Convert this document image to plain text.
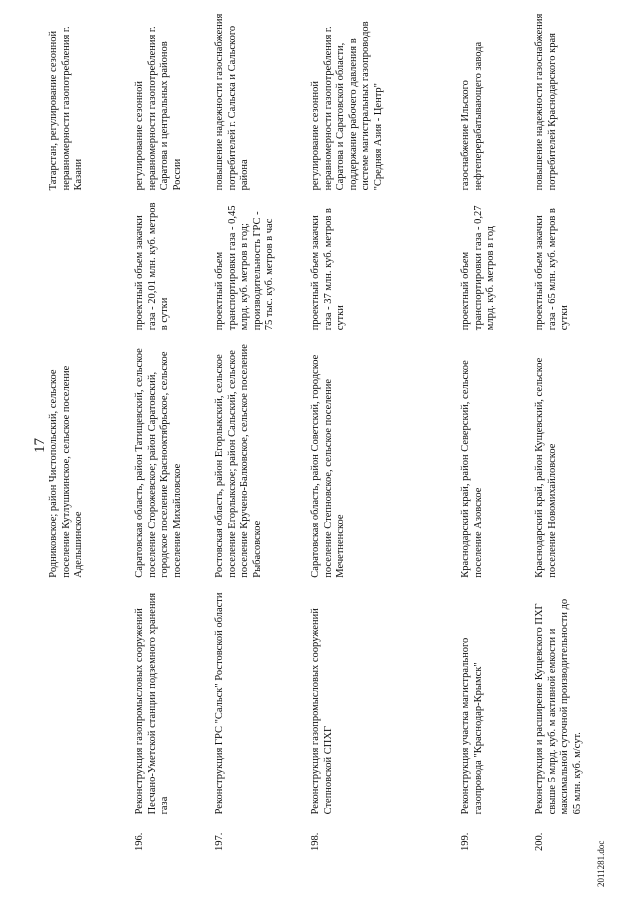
17
		Родниковское; район Чистопольский, сельское поселение Кутлушкинское, сельское поселение Адельшинское		Татарстан, регулирование сезонной неравномерности газопотребления г. Казани
196.	Реконструкция газопромысловых сооружений Песчано-Уметской станции подземного хранения газа	Саратовская область, район Татищевский, сельское поселение Сторожевское; район Саратовский, городское поселение Красноoктябрьское, сельское поселение Михайловское	проектный объем закачки газа - 20,01 млн. куб. метров в сутки	регулирование сезонной неравномерности газопотребления г. Саратова и центральных районов России
197.	Реконструкция ГРС "Сальск" Ростовской области	Ростовская область, район Егорлыкский, сельское поселение Егорлыкское; район Сальский, сельское поселение Крученo-Балковское, сельское поселение Рыбасовское	проектный объем транспортировки газа - 0,45 млрд. куб. метров в год; производительность ГРС - 75 тыс. куб. метров в час	повышение надежности газоснабжения потребителей г. Сальска и Сальского района
198.	Реконструкция газопромысловых сооружений Степновской СПХГ	Саратовская область, район Советский, городское поселение Степновское, сельское поселение Мечетненское	проектный объем закачки газа - 37 млн. куб. метров в сутки	регулирование сезонной неравномерности газопотребления г. Саратова и Саратовской области, поддержание рабочего давления в системе магистральных газопроводов "Средняя Азия - Центр"
199.	Реконструкция участка магистрального газопровода "Краснодар-Крымск"	Краснодарский край, район Северский, сельское поселение Азовское	проектный объем транспортировки газа - 0,27 млрд. куб. метров в год	газоснабжение Ильского нефтеперерабатывающего завода
200.	Реконструкция и расширение Кущевского ПХГ свыше 5 млрд. куб. м активной емкости и максимальной суточной производительности до 65 млн. куб. м/сут.	Краснодарский край, район Кущевский, сельское поселение Новомихайловское	проектный объем закачки газа - 65 млн. куб. метров в сутки	повышение надежности газоснабжения потребителей Краснодарского края
2011281.doc
